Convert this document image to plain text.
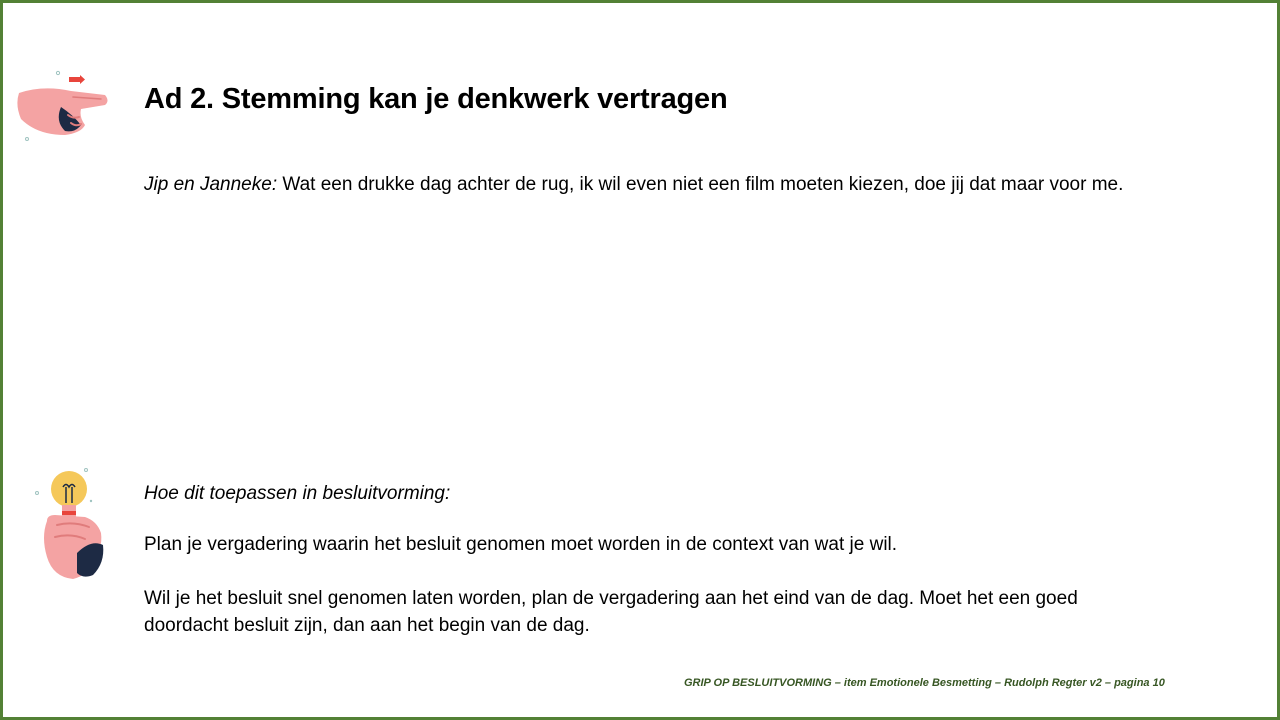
Ad 2. Stemming kan je denkwerk vertragen
Jip en Janneke: Wat een drukke dag achter de rug, ik wil even niet een film moeten kiezen, doe jij dat maar voor me.
Hoe dit toepassen in besluitvorming:
Plan je vergadering waarin het besluit genomen moet worden in de context van wat je wil.
Wil je het besluit snel genomen laten worden, plan de vergadering aan het eind van de dag. Moet het een goed doordacht besluit zijn, dan aan het begin van de dag.
GRIP OP BESLUITVORMING – item Emotionele Besmetting – Rudolph Regter v2 – pagina 10
